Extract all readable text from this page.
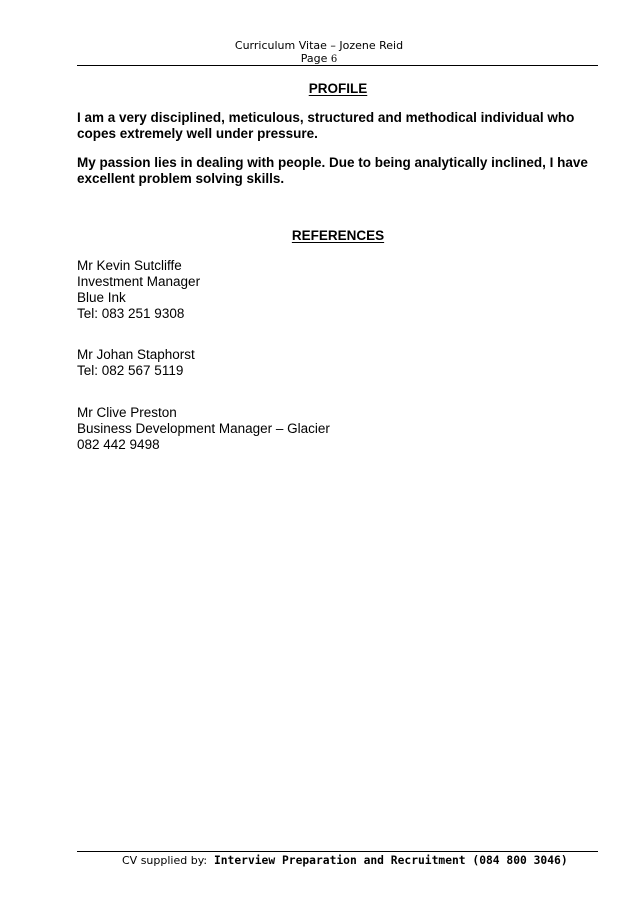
Curriculum Vitae – Jozene Reid
Page 6
PROFILE
I am a very disciplined, meticulous, structured and methodical individual who copes extremely well under pressure.
My passion lies in dealing with people. Due to being analytically inclined, I have excellent problem solving skills.
REFERENCES
Mr Kevin Sutcliffe
Investment Manager
Blue Ink
Tel: 083 251 9308
Mr Johan Staphorst
Tel: 082 567 5119
Mr Clive Preston
Business Development Manager – Glacier
082 442 9498
CV supplied by: Interview Preparation and Recruitment (084 800 3046)
